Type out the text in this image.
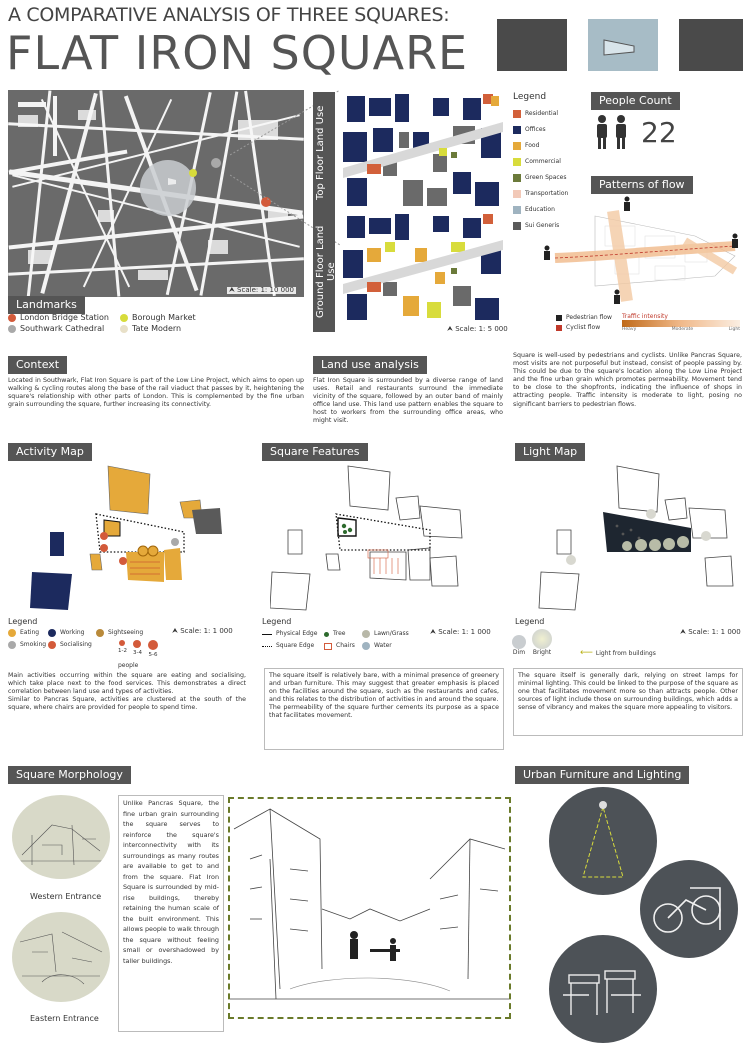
A COMPARATIVE ANALYSIS OF THREE SQUARES:
FLAT IRON SQUARE
⮝ Scale: 1: 10 000
Landmarks
London Bridge Station	Borough Market
Southwark Cathedral	Tate Modern
Top Floor Land Use
Ground Floor Land Use
⮝ Scale: 1: 5 000
Legend
Residential
Offices
Food
Commercial
Green Spaces
Transportation
Education
Sui Generis
People Count
22
Patterns of flow
Pedestrian flow
Cyclist flow
Traffic intensity
Heavy	Moderate	Light
Context
Located in Southwark, Flat Iron Square is part of the Low Line Project, which aims to open up walking & cycling routes along the base of the rail viaduct that passes by it, heightening the square's relationship with other parts of London. This is complemented by the fine urban grain surrounding the square, further increasing its connectivity.
Land use analysis
Flat Iron Square is surrounded by a diverse range of land uses. Retail and restaurants surround the immediate vicinity of the square, followed by an outer band of mainly office land use. This land use pattern enables the square to host to workers from the surrounding office areas, who might visit.
Square is well-used by pedestrians and cyclists. Unlike Pancras Square, most visits are not purposeful but instead, consist of people passing by. This could be due to the square's location along the Low Line Project and the fine urban grain which promotes permeability. Movement tend to be close to the shopfronts, indicating the influence of shops in attracting people. Traffic intensity is moderate to light, posing no significant barriers to pedestrian flows.
Activity Map
Legend
Eating	Working	Sightseeing
Smoking Socialising

1-2 3-4 5-6
people
⮝ Scale: 1: 1 000
Main activities occurring within the square are eating and socialising, which take place next to the food services. This demonstrates a direct correlation between land use and types of activities.
Similar to Pancras Square, activities are clustered at the south of the square, where chairs are provided for people to spend time.
Square Features
Legend
Physical Edge	Tree	Lawn/Grass
Square Edge	Chairs	Water
⮝ Scale: 1: 1 000
The square itself is relatively bare, with a minimal presence of greenery and urban furniture. This may suggest that greater emphasis is placed on the facilities around the square, such as the restaurants and cafes, and this relates to the distribution of activities in and around the square.
The permeability of the square further cements its purpose as a space that facilitates movement.
Light Map
Legend
Dim Bright	⟵ Light from buildings
⮝ Scale: 1: 1 000
The square itself is generally dark, relying on street lamps for minimal lighting. This could be linked to the purpose of the square as one that facilitates movement more so than attracts people. Other sources of light include those on surrounding buildings, which adds a sense of vibrancy and makes the square more appealing to visitors.
Square Morphology
Western Entrance
Eastern Entrance
Unlike Pancras Square, the fine urban grain surrounding the square serves to reinforce the square's interconnectivity with its surroundings as many routes are available to get to and from the square. Flat Iron Square is surrounded by mid-rise buildings, thereby retaining the human scale of the built environment. This allows people to walk through the square without feeling small or overshadowed by taller buildings.
Urban Furniture and Lighting
